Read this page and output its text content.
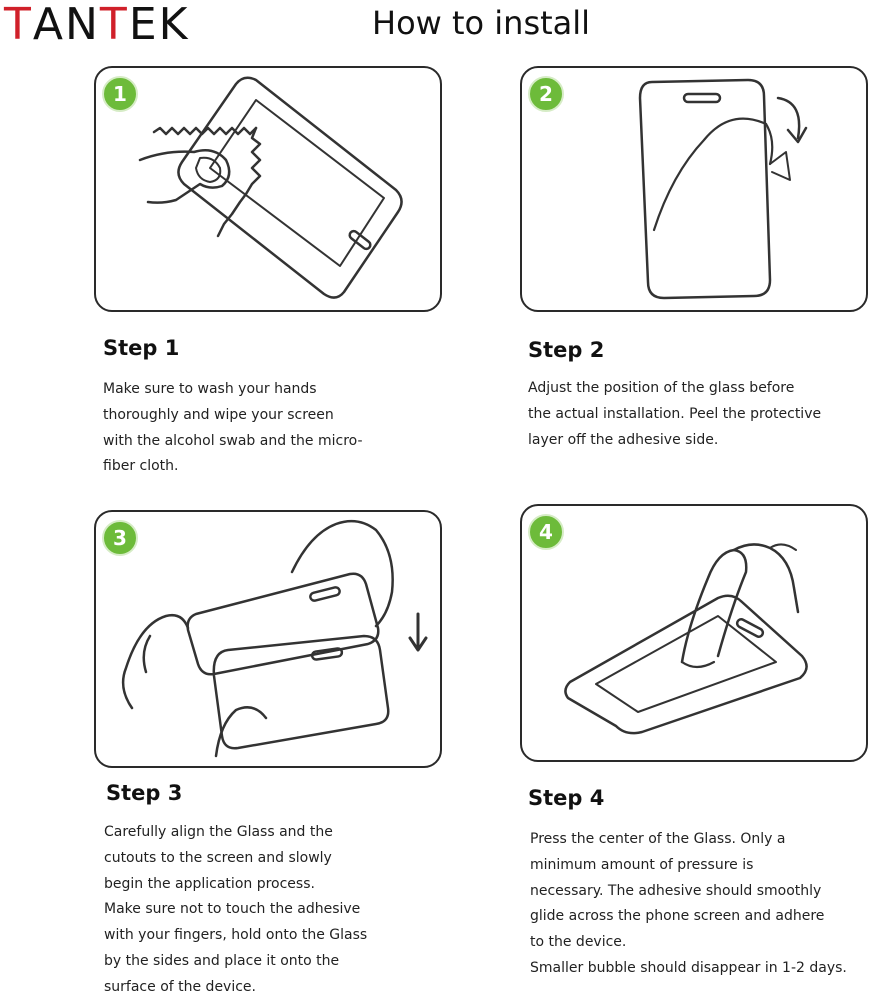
TANTEK	How to install
1	2
3	4
Step 1
Make sure to wash your hands
thoroughly and wipe your screen
with the alcohol swab and the micro-
fiber cloth.
Step 2
Adjust the position of the glass before
the actual installation. Peel the protective
layer off the adhesive side.
Step 3
Carefully align the Glass and the
cutouts to the screen and slowly
begin the application process.
Make sure not to touch the adhesive
with your fingers, hold onto the Glass
by the sides and place it onto the
surface of the device.
Step 4
Press the center of the Glass. Only a
minimum amount of pressure is
necessary. The adhesive should smoothly
glide across the phone screen and adhere
to the device.
Smaller bubble should disappear in 1-2 days.
